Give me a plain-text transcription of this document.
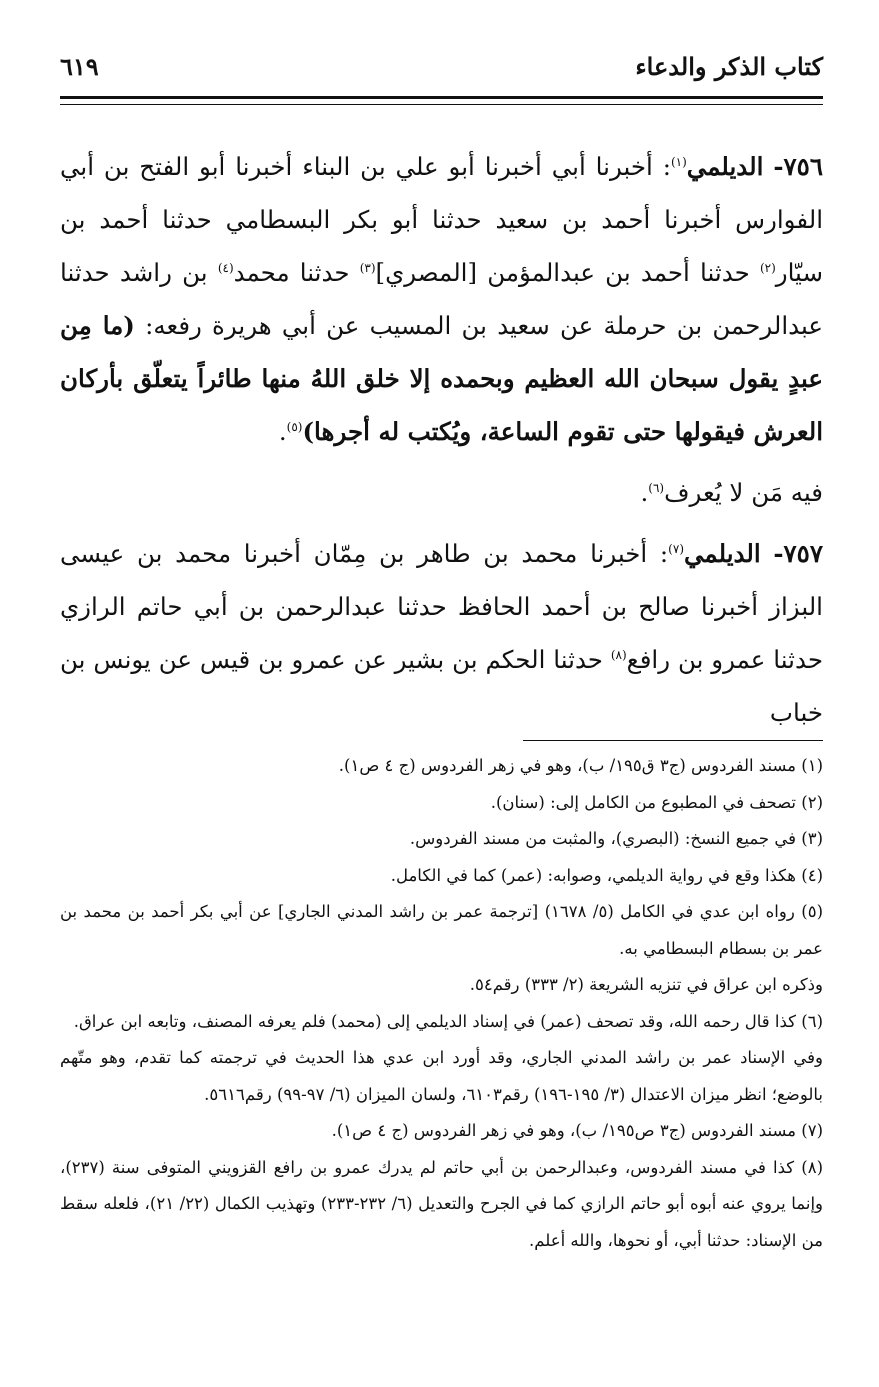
كتاب الذكر والدعاء
٦١٩

٧٥٦- الديلمي$^{(١)}$: أخبرنا أبي أخبرنا أبو علي بن البناء أخبرنا أبو الفتح بن أبي الفوارس أخبرنا أحمد بن سعيد حدثنا أبو بكر البسطامي حدثنا أحمد بن سيّار$^{(٢)}$ حدثنا أحمد بن عبدالمؤمن [المصري]$^{(٣)}$ حدثنا محمد$^{(٤)}$ بن راشد حدثنا عبدالرحمن بن حرملة عن سعيد بن المسيب عن أبي هريرة رفعه: (ما مِن عبدٍ يقول سبحان الله العظيم وبحمده إلا خلق اللهُ منها طائراً يتعلّق بأركان العرش فيقولها حتى تقوم الساعة، ويُكتب له أجرها)$^{(٥)}$.

فيه مَن لا يُعرف$^{(٦)}$.

٧٥٧- الديلمي$^{(٧)}$: أخبرنا محمد بن طاهر بن مِمّان أخبرنا محمد بن عيسى البزاز أخبرنا صالح بن أحمد الحافظ حدثنا عبدالرحمن بن أبي حاتم الرازي حدثنا عمرو بن رافع$^{(٨)}$ حدثنا الحكم بن بشير عن عمرو بن قيس عن يونس بن خباب

(١) مسند الفردوس (ج٣ ق١٩٥/ ب)، وهو في زهر الفردوس (ج ٤ ص١).

(٢) تصحف في المطبوع من الكامل إلى: (سنان).

(٣) في جميع النسخ: (البصري)، والمثبت من مسند الفردوس.

(٤) هكذا وقع في رواية الديلمي، وصوابه: (عمر) كما في الكامل.

(٥) رواه ابن عدي في الكامل (٥/ ١٦٧٨) [ترجمة عمر بن راشد المدني الجاري] عن أبي بكر أحمد بن محمد بن عمر بن بسطام البسطامي به.

وذكره ابن عراق في تنزيه الشريعة (٢/ ٣٣٣) رقم٥٤.

(٦) كذا قال رحمه الله، وقد تصحف (عمر) في إسناد الديلمي إلى (محمد) فلم يعرفه المصنف، وتابعه ابن عراق.

وفي الإسناد عمر بن راشد المدني الجاري، وقد أورد ابن عدي هذا الحديث في ترجمته كما تقدم، وهو متّهم بالوضع؛ انظر ميزان الاعتدال (٣/ ١٩٥-١٩٦) رقم٦١٠٣، ولسان الميزان (٦/ ٩٧-٩٩) رقم٥٦١٦.

(٧) مسند الفردوس (ج٣ ص١٩٥/ ب)، وهو في زهر الفردوس (ج ٤ ص١).

(٨) كذا في مسند الفردوس، وعبدالرحمن بن أبي حاتم لم يدرك عمرو بن رافع القزويني المتوفى سنة (٢٣٧)، وإنما يروي عنه أبوه أبو حاتم الرازي كما في الجرح والتعديل (٦/ ٢٣٢-٢٣٣) وتهذيب الكمال (٢٢/ ٢١)، فلعله سقط من الإسناد: حدثنا أبي، أو نحوها، والله أعلم.
